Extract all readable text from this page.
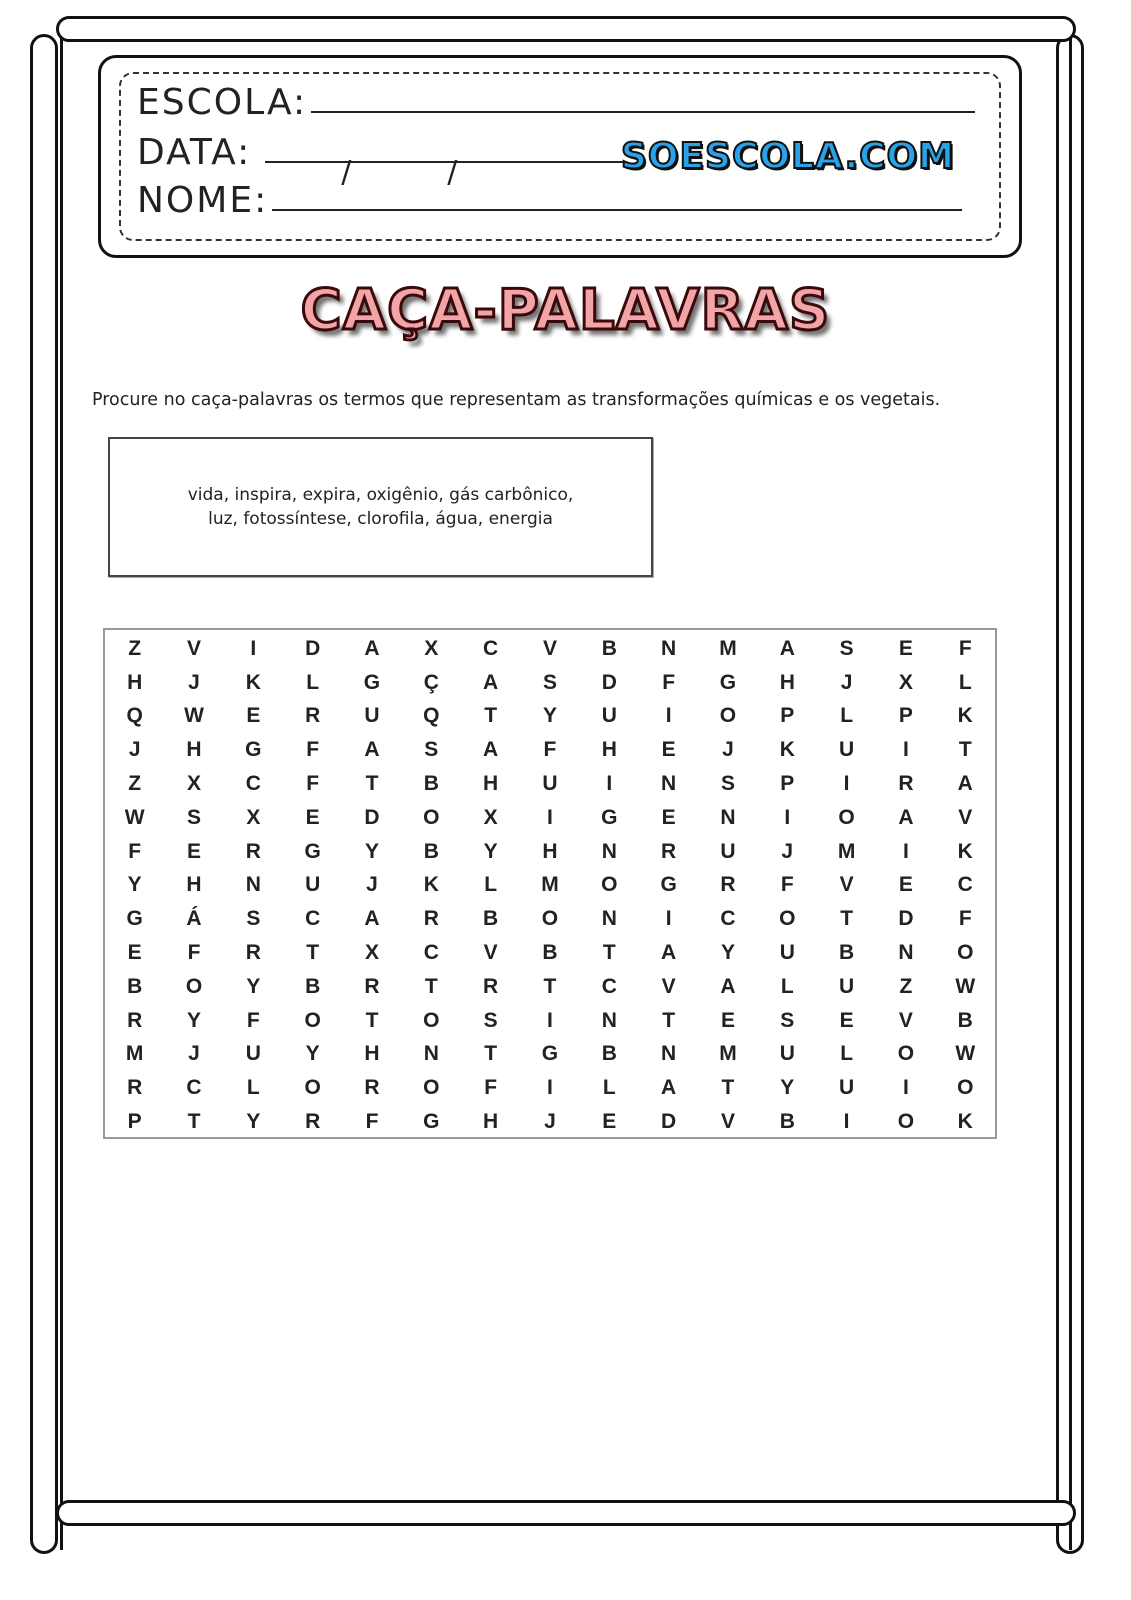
ESCOLA:
DATA:	/	/
NOME:
SOESCOLA.COM
CAÇA-PALAVRAS
Procure no caça-palavras os termos que representam as transformações químicas e os vegetais.
vida, inspira, expira, oxigênio, gás carbônico,
luz, fotossíntese, clorofila, água, energia
Z	V	I	D	A	X	C	V	B	N	M	A	S	E	F
H	J	K	L	G	Ç	A	S	D	F	G	H	J	X	L
Q	W	E	R	U	Q	T	Y	U	I	O	P	L	P	K
J	H	G	F	A	S	A	F	H	E	J	K	U	I	T
Z	X	C	F	T	B	H	U	I	N	S	P	I	R	A
W	S	X	E	D	O	X	I	G	E	N	I	O	A	V
F	E	R	G	Y	B	Y	H	N	R	U	J	M	I	K
Y	H	N	U	J	K	L	M	O	G	R	F	V	E	C
G	Á	S	C	A	R	B	O	N	I	C	O	T	D	F
E	F	R	T	X	C	V	B	T	A	Y	U	B	N	O
B	O	Y	B	R	T	R	T	C	V	A	L	U	Z	W
R	Y	F	O	T	O	S	I	N	T	E	S	E	V	B
M	J	U	Y	H	N	T	G	B	N	M	U	L	O	W
R	C	L	O	R	O	F	I	L	A	T	Y	U	I	O
P	T	Y	R	F	G	H	J	E	D	V	B	I	O	K
